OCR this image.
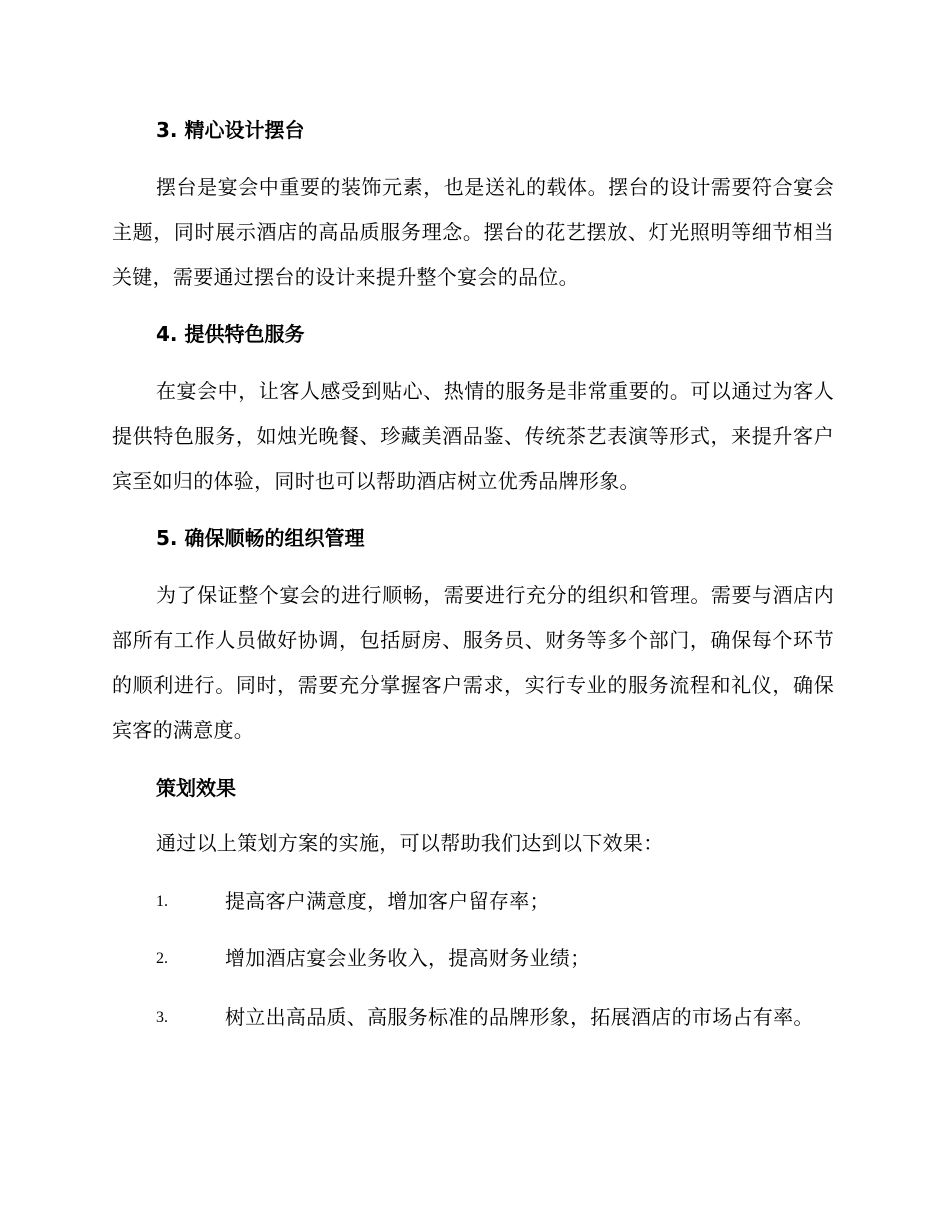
3. 精心设计摆台

摆台是宴会中重要的装饰元素，也是送礼的载体。摆台的设计需要符合宴会主题，同时展示酒店的高品质服务理念。摆台的花艺摆放、灯光照明等细节相当关键，需要通过摆台的设计来提升整个宴会的品位。

4. 提供特色服务

在宴会中，让客人感受到贴心、热情的服务是非常重要的。可以通过为客人提供特色服务，如烛光晚餐、珍藏美酒品鉴、传统茶艺表演等形式，来提升客户宾至如归的体验，同时也可以帮助酒店树立优秀品牌形象。

5. 确保顺畅的组织管理

为了保证整个宴会的进行顺畅，需要进行充分的组织和管理。需要与酒店内部所有工作人员做好协调，包括厨房、服务员、财务等多个部门，确保每个环节的顺利进行。同时，需要充分掌握客户需求，实行专业的服务流程和礼仪，确保宾客的满意度。

策划效果

通过以上策划方案的实施，可以帮助我们达到以下效果：

1.	提高客户满意度，增加客户留存率；
2.	增加酒店宴会业务收入，提高财务业绩；
3.	树立出高品质、高服务标准的品牌形象，拓展酒店的市场占有率。
